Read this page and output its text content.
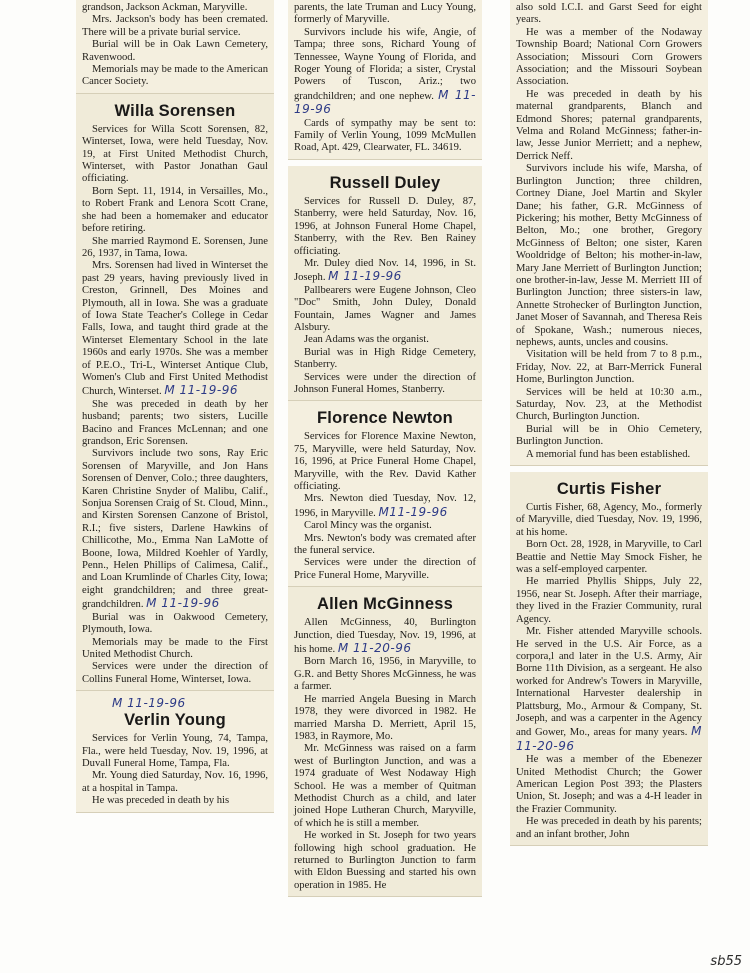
grandson, Jackson Ackman, Maryville.

Mrs. Jackson's body has been cremated. There will be a private burial service.

Burial will be in Oak Lawn Cemetery, Ravenwood.

Memorials may be made to the American Cancer Society.

Willa Sorensen

Services for Willa Scott Sorensen, 82, Winterset, Iowa, were held Tuesday, Nov. 19, at First United Methodist Church, Winterset, with Pastor Jonathan Gaul officiating.

Born Sept. 11, 1914, in Versailles, Mo., to Robert Frank and Lenora Scott Crane, she had been a homemaker and educator before retiring.

She married Raymond E. Sorensen, June 26, 1937, in Tama, Iowa.

Mrs. Sorensen had lived in Winterset the past 29 years, having previously lived in Creston, Grinnell, Des Moines and Plymouth, all in Iowa. She was a graduate of Iowa State Teacher's College in Cedar Falls, Iowa, and taught third grade at the Winterset Elementary School in the late 1960s and early 1970s. She was a member of P.E.O., Tri-L, Winterset Antique Club, Women's Club and First United Methodist Church, Winterset. M 11-19-96

She was preceded in death by her husband; parents; two sisters, Lucille Bacino and Frances McLennan; and one grandson, Eric Sorensen.

Survivors include two sons, Ray Eric Sorensen of Maryville, and Jon Hans Sorensen of Denver, Colo.; three daughters, Karen Christine Snyder of Malibu, Calif., Sonjua Sorensen Craig of St. Cloud, Minn., and Kirsten Sorensen Canzone of Bristol, R.I.; five sisters, Darlene Hawkins of Chillicothe, Mo., Emma Nan LaMotte of Boone, Iowa, Mildred Koehler of Yardly, Penn., Helen Phillips of Calimesa, Calif., and Loan Krumlinde of Charles City, Iowa; eight grandchildren; and three great-grandchildren. M 11-19-96

Burial was in Oakwood Cemetery, Plymouth, Iowa.

Memorials may be made to the First United Methodist Church.

Services were under the direction of Collins Funeral Home, Winterset, Iowa.

M 11-19-96
Verlin Young

Services for Verlin Young, 74, Tampa, Fla., were held Tuesday, Nov. 19, 1996, at Duvall Funeral Home, Tampa, Fla.

Mr. Young died Saturday, Nov. 16, 1996, at a hospital in Tampa.

He was preceded in death by his

parents, the late Truman and Lucy Young, formerly of Maryville.

Survivors include his wife, Angie, of Tampa; three sons, Richard Young of Tennessee, Wayne Young of Florida, and Roger Young of Florida; a sister, Crystal Powers of Tuscon, Ariz.; two grandchildren; and one nephew. M 11-19-96

Cards of sympathy may be sent to: Family of Verlin Young, 1099 McMullen Road, Apt. 429, Clearwater, FL. 34619.

Russell Duley

Services for Russell D. Duley, 87, Stanberry, were held Saturday, Nov. 16, 1996, at Johnson Funeral Home Chapel, Stanberry, with the Rev. Ben Rainey officiating.

Mr. Duley died Nov. 14, 1996, in St. Joseph. M 11-19-96

Pallbearers were Eugene Johnson, Cleo "Doc" Smith, John Duley, Donald Fountain, James Wagner and James Alsbury.

Jean Adams was the organist.

Burial was in High Ridge Cemetery, Stanberry.

Services were under the direction of Johnson Funeral Homes, Stanberry.

Florence Newton

Services for Florence Maxine Newton, 75, Maryville, were held Saturday, Nov. 16, 1996, at Price Funeral Home Chapel, Maryville, with the Rev. David Kather officiating.

Mrs. Newton died Tuesday, Nov. 12, 1996, in Maryville. M11-19-96

Carol Mincy was the organist.

Mrs. Newton's body was cremated after the funeral service.

Services were under the direction of Price Funeral Home, Maryville.

Allen McGinness

Allen McGinness, 40, Burlington Junction, died Tuesday, Nov. 19, 1996, at his home. M 11-20-96

Born March 16, 1956, in Maryville, to G.R. and Betty Shores McGinness, he was a farmer.

He married Angela Buesing in March 1978, they were divorced in 1982. He married Marsha D. Merriett, April 15, 1983, in Raymore, Mo.

Mr. McGinness was raised on a farm west of Burlington Junction, and was a 1974 graduate of West Nodaway High School. He was a member of Quitman Methodist Church as a child, and later joined Hope Lutheran Church, Maryville, of which he is still a member.

He worked in St. Joseph for two years following high school graduation. He returned to Burlington Junction to farm with Eldon Buessing and started his own operation in 1985. He

also sold I.C.I. and Garst Seed for eight years.

He was a member of the Nodaway Township Board; National Corn Growers Association; Missouri Corn Growers Association; and the Missouri Soybean Association.

He was preceded in death by his maternal grandparents, Blanch and Edmond Shores; paternal grandparents, Velma and Roland McGinness; father-in-law, Jesse Junior Merriett; and a nephew, Derrick Neff.

Survivors include his wife, Marsha, of Burlington Junction; three children, Cortney Diane, Joel Martin and Skyler Dane; his father, G.R. McGinness of Pickering; his mother, Betty McGinness of Belton, Mo.; one brother, Gregory McGinness of Belton; one sister, Karen Wooldridge of Belton; his mother-in-law, Mary Jane Merriett of Burlington Junction; one brother-in-law, Jesse M. Merriett III of Burlington Junction; three sisters-in law, Annette Strohecker of Burlington Junction, Janet Moser of Savannah, and Theresa Reis of Spokane, Wash.; numerous nieces, nephews, aunts, uncles and cousins.

Visitation will be held from 7 to 8 p.m., Friday, Nov. 22, at Barr-Merrick Funeral Home, Burlington Junction.

Services will be held at 10:30 a.m., Saturday, Nov. 23, at the Methodist Church, Burlington Junction.

Burial will be in Ohio Cemetery, Burlington Junction.

A memorial fund has been established.

Curtis Fisher

Curtis Fisher, 68, Agency, Mo., formerly of Maryville, died Tuesday, Nov. 19, 1996, at his home.

Born Oct. 28, 1928, in Maryville, to Carl Beattie and Nettie May Smock Fisher, he was a self-employed carpenter.

He married Phyllis Shipps, July 22, 1956, near St. Joseph. After their marriage, they lived in the Frazier Community, rural Agency.

Mr. Fisher attended Maryville schools. He served in the U.S. Air Force, as a corpora,l and later in the U.S. Army, Air Borne 11th Division, as a sergeant. He also worked for Andrew's Towers in Maryville, International Harvester dealership in Plattsburg, Mo., Armour & Company, St. Joseph, and was a carpenter in the Agency and Gower, Mo., areas for many years. M 11-20-96

He was a member of the Ebenezer United Methodist Church; the Gower American Legion Post 393; the Plasters Union, St. Joseph; and was a 4-H leader in the Frazier Community.

He was preceded in death by his parents; and an infant brother, John

sb55
